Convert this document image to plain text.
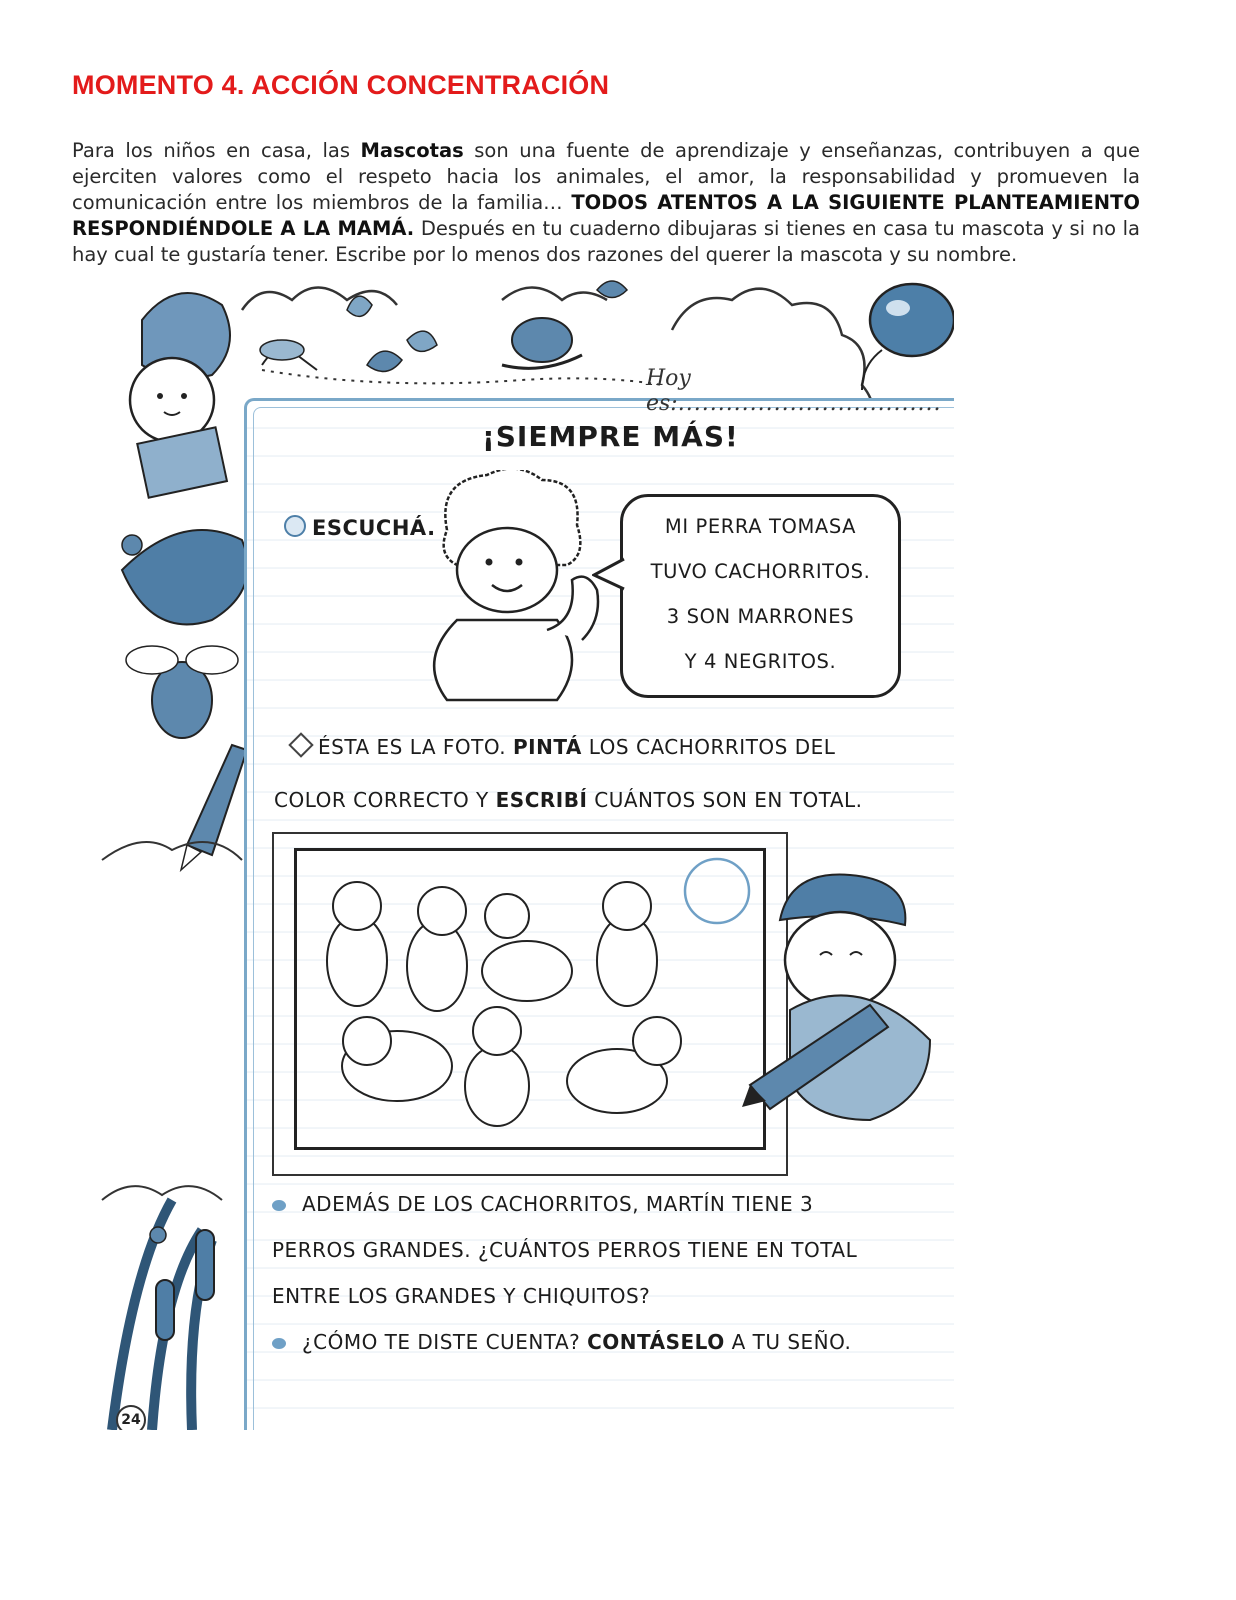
MOMENTO 4. ACCIÓN CONCENTRACIÓN

Para los niños en casa, las Mascotas son una fuente de aprendizaje y enseñanzas, contribuyen a que ejerciten valores como el respeto hacia los animales, el amor, la responsabilidad y promueven la comunicación entre los miembros de la familia… TODOS ATENTOS A LA SIGUIENTE PLANTEAMIENTO RESPONDIÉNDOLE A LA MAMÁ. Después en tu cuaderno dibujaras si tienes en casa tu mascota y si no la hay cual te gustaría tener. Escribe por lo menos dos razones del querer la mascota y su nombre.

Hoy es:.................................
¡SIEMPRE MÁS!
ESCUCHÁ.	MI PERRA TOMASA
TUVO CACHORRITOS.
3 SON MARRONES
Y 4 NEGRITOS.
ÉSTA ES LA FOTO. PINTÁ LOS CACHORRITOS DEL
COLOR CORRECTO Y ESCRIBÍ CUÁNTOS SON EN TOTAL.
ADEMÁS DE LOS CACHORRITOS, MARTÍN TIENE 3
PERROS GRANDES. ¿CUÁNTOS PERROS TIENE EN TOTAL
ENTRE LOS GRANDES Y CHIQUITOS?
¿CÓMO TE DISTE CUENTA? CONTÁSELO A TU SEÑO.
24
